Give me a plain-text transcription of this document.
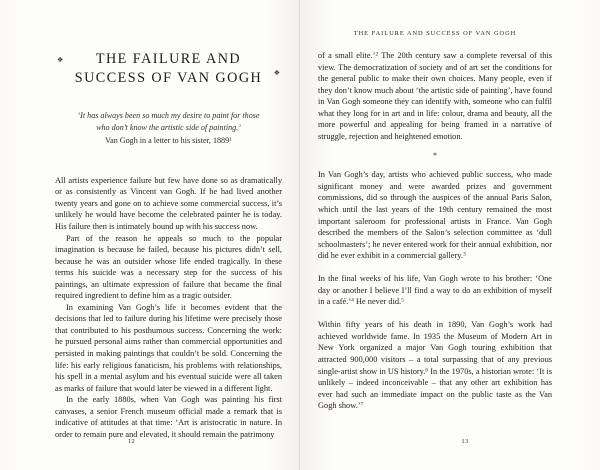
❖
❖
THE FAILURE AND
SUCCESS OF VAN GOGH
‘It has always been so much my desire to paint for those who don’t know the artistic side of painting.’
Van Gogh in a letter to his sister, 1889$^1$

All artists experience failure but few have done so as dramatically or as consistently as Vincent van Gogh. If he had lived another twenty years and gone on to achieve some commercial success, it’s unlikely he would have become the celebrated painter he is today. His failure then is intimately bound up with his success now.

Part of the reason he appeals so much to the popular imagination is because he failed, because his pictures didn’t sell, because he was an outsider whose life ended tragically. In these terms his suicide was a necessary step for the success of his paintings, an ultimate expression of failure that became the final required ingredient to define him as a tragic outsider.

In examining Van Gogh’s life it becomes evident that the decisions that led to failure during his lifetime were precisely those that contributed to his posthumous success. Concerning the work: he pursued personal aims rather than commercial opportunities and persisted in making paintings that couldn’t be sold. Concerning the life: his early religious fanaticism, his problems with relationships, his spell in a mental asylum and his eventual suicide were all taken as marks of failure that would later be viewed in a different light.

In the early 1880s, when Van Gogh was painting his first canvases, a senior French museum official made a remark that is indicative of attitudes at that time: ‘Art is aristocratic in nature. In order to remain pure and elevated, it should remain the patrimony

12
THE FAILURE AND SUCCESS OF VAN GOGH

of a small elite.’$^2$ The 20th century saw a complete reversal of this view. The democratization of society and of art set the conditions for the general public to make their own choices. Many people, even if they don’t know much about ‘the artistic side of painting’, have found in Van Gogh someone they can identify with, someone who can fulfil what they long for in art and in life: colour, drama and beauty, all the more powerful and appealing for being framed in a narrative of struggle, rejection and heightened emotion.

*

In Van Gogh’s day, artists who achieved public success, who made significant money and were awarded prizes and government commissions, did so through the auspices of the annual Paris Salon, which until the last years of the 19th century remained the most important saleroom for professional artists in France. Van Gogh described the members of the Salon’s selection committee as ‘dull schoolmasters’; he never entered work for their annual exhibition, nor did he ever exhibit in a commercial gallery.$^3$

In the final weeks of his life, Van Gogh wrote to his brother: ‘One day or another I believe I’ll find a way to do an exhibition of myself in a café.’$^4$ He never did.$^5$

Within fifty years of his death in 1890, Van Gogh’s work had achieved worldwide fame. In 1935 the Museum of Modern Art in New York organized a major Van Gogh touring exhibition that attracted 900,000 visitors – a total surpassing that of any previous single-artist show in US history.$^6$ In the 1970s, a historian wrote: ‘It is unlikely – indeed inconceivable – that any other art exhibition has ever had such an immediate impact on the public taste as the Van Gogh show.’$^7$

13
